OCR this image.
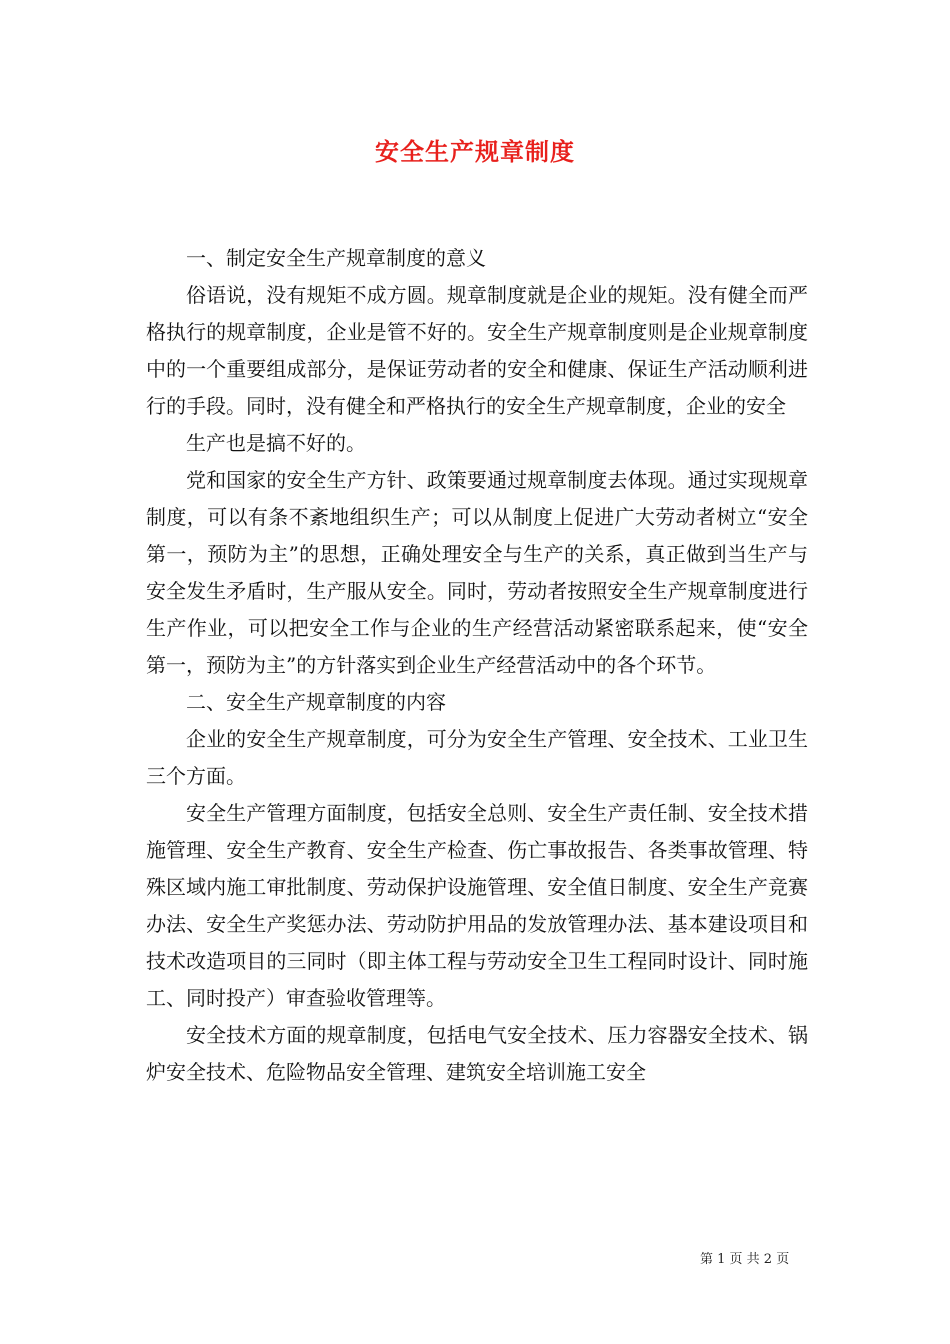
安全生产规章制度

一、制定安全生产规章制度的意义

俗语说，没有规矩不成方圆。规章制度就是企业的规矩。没有健全而严格执行的规章制度，企业是管不好的。安全生产规章制度则是企业规章制度中的一个重要组成部分，是保证劳动者的安全和健康、保证生产活动顺利进行的手段。同时，没有健全和严格执行的安全生产规章制度，企业的安全

生产也是搞不好的。

党和国家的安全生产方针、政策要通过规章制度去体现。通过实现规章制度，可以有条不紊地组织生产；可以从制度上促进广大劳动者树立“安全第一，预防为主”的思想，正确处理安全与生产的关系，真正做到当生产与安全发生矛盾时，生产服从安全。同时，劳动者按照安全生产规章制度进行生产作业，可以把安全工作与企业的生产经营活动紧密联系起来，使“安全第一，预防为主”的方针落实到企业生产经营活动中的各个环节。

二、安全生产规章制度的内容

企业的安全生产规章制度，可分为安全生产管理、安全技术、工业卫生三个方面。

安全生产管理方面制度，包括安全总则、安全生产责任制、安全技术措施管理、安全生产教育、安全生产检查、伤亡事故报告、各类事故管理、特殊区域内施工审批制度、劳动保护设施管理、安全值日制度、安全生产竞赛办法、安全生产奖惩办法、劳动防护用品的发放管理办法、基本建设项目和技术改造项目的三同时（即主体工程与劳动安全卫生工程同时设计、同时施工、同时投产）审查验收管理等。

安全技术方面的规章制度，包括电气安全技术、压力容器安全技术、锅炉安全技术、危险物品安全管理、建筑安全培训施工安全

第 1 页 共 2 页
